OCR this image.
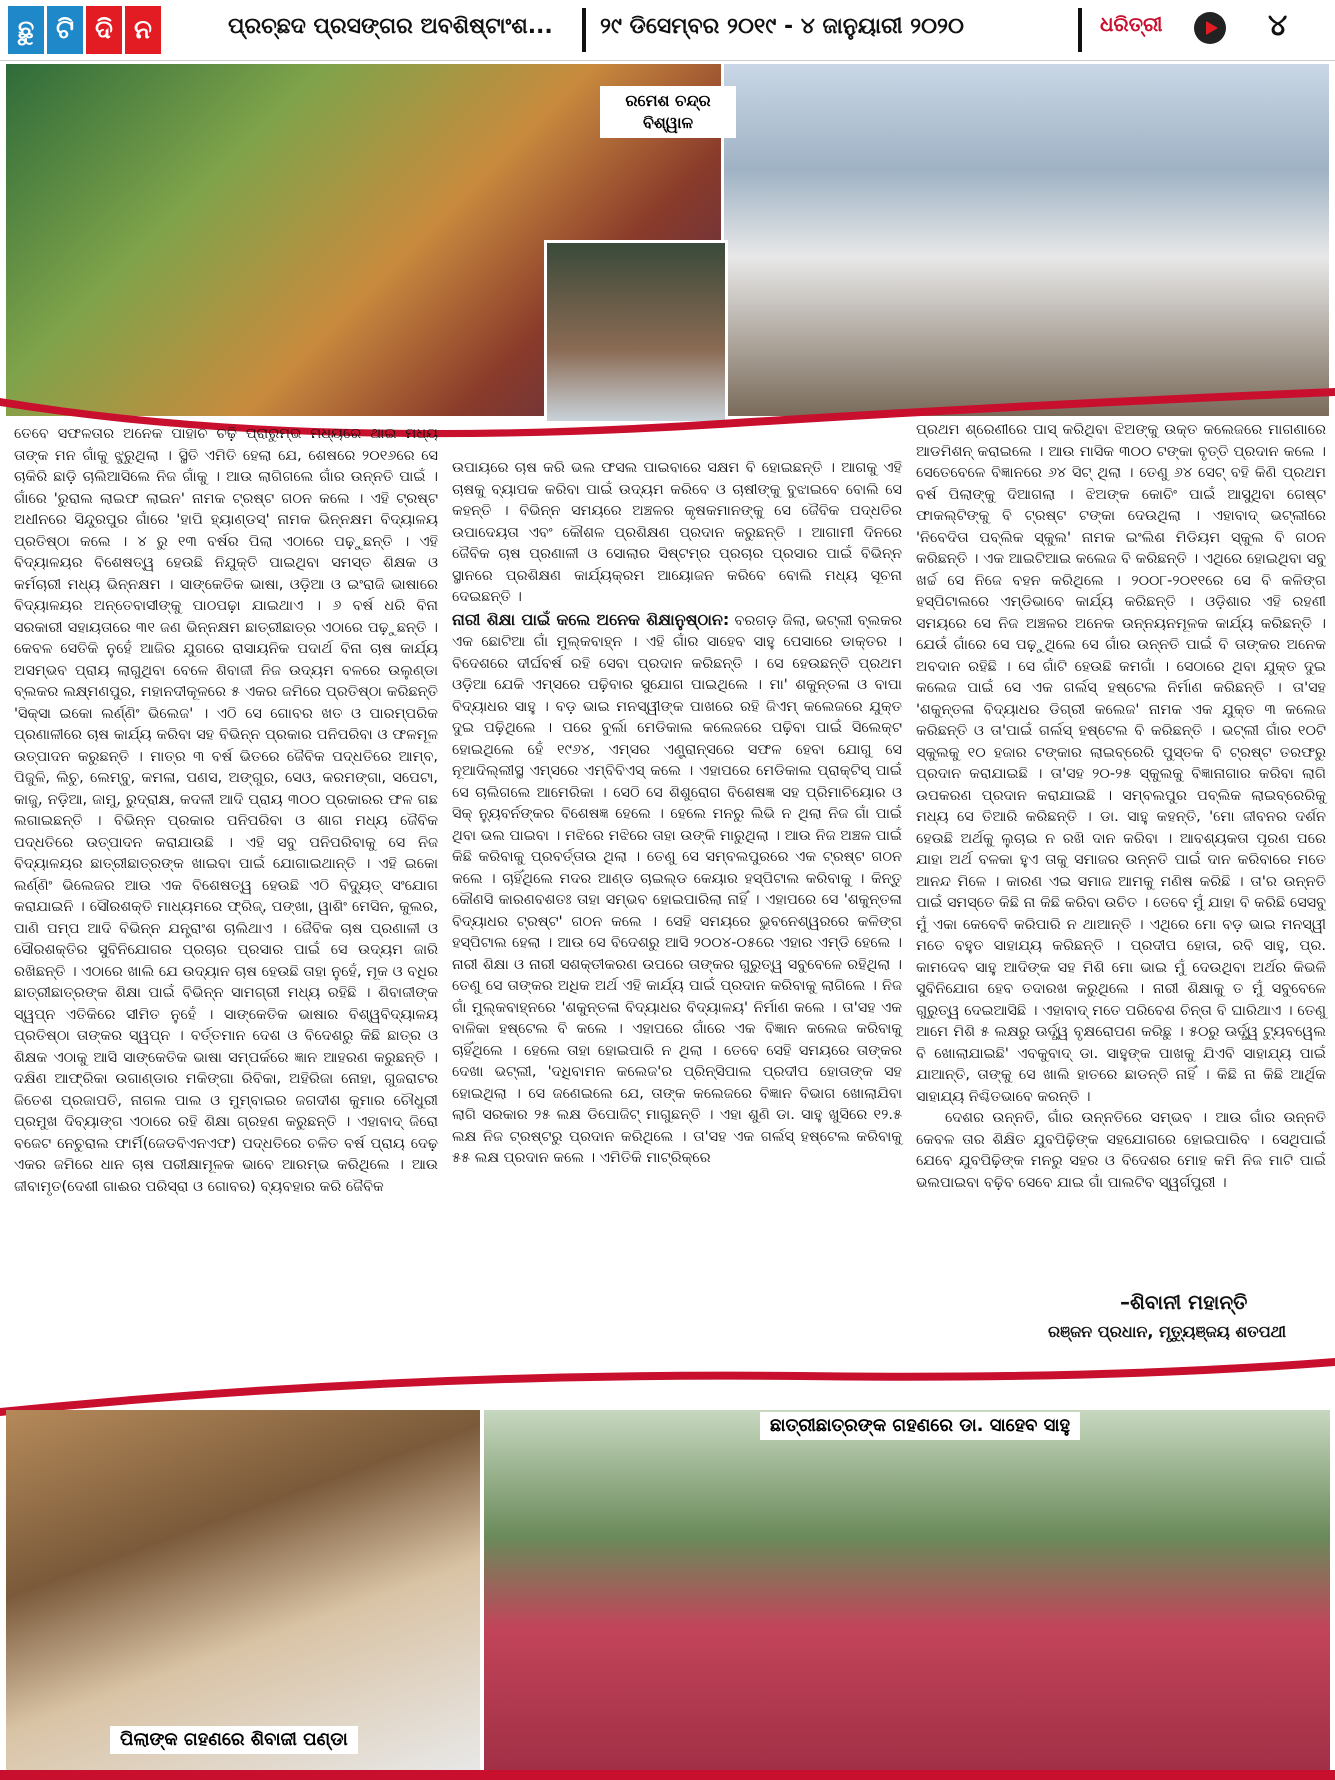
ଛୁ ଟି ଦି ନ	ପ୍ରଚ୍ଛଦ ପ୍ରସଙ୍ଗର ଅବଶିଷ୍ଟାଂଶ... ୨୯ ଡିସେମ୍ବର ୨୦୧୯ - ୪ ଜାନୁୟାରୀ ୨୦୨୦	ଧରିତ୍ରୀ	୪
ରମେଶ ଚନ୍ଦ୍ର ବିଶ୍ୱାଳ

ତେବେ ସଫଳତାର ଅନେକ ପାହାଚ ଚଢ଼ି ପ୍ରାରୁମ୍ଭ ମଧ୍ୟରେ ଥାଇ ମଧ୍ୟ ତାଙ୍କ ମନ ଗାଁକୁ ଝୁରୁଥିଲା । ସ୍ଥିତି ଏମିତି ହେଲା ଯେ, ଶେଷରେ ୨୦୧୬ରେ ସେ ଚାକିରି ଛାଡ଼ି ଚାଲିଆସିଲେ ନିଜ ଗାଁକୁ । ଆଉ ଲାଗିଗଲେ ଗାଁର ଉନ୍ନତି ପାଇଁ । ଗାଁରେ 'ରୁରାଲ ଲାଇଫ ଲାଇନ' ନାମକ ଟ୍ରଷ୍ଟ ଗଠନ କଲେ । ଏହି ଟ୍ରଷ୍ଟ ଅଧୀନରେ ସିନ୍ଦୁରପୁର ଗାଁରେ 'ହାପି ହ୍ୟାଣ୍ଡସ୍' ନାମକ ଭିନ୍ନକ୍ଷମ ବିଦ୍ୟାଳୟ ପ୍ରତିଷ୍ଠା କଲେ । ୪ ରୁ ୧୩ ବର୍ଷର ପିଲା ଏଠାରେ ପଢ଼ୁଛନ୍ତି । ଏହି ବିଦ୍ୟାଳୟର ବିଶେଷତ୍ୱ ହେଉଛି ନିଯୁକ୍ତି ପାଇଥିବା ସମସ୍ତ ଶିକ୍ଷକ ଓ କର୍ମଚାରୀ ମଧ୍ୟ ଭିନ୍ନକ୍ଷମ । ସାଙ୍କେତିକ ଭାଷା, ଓଡ଼ିଆ ଓ ଇଂରାଜି ଭାଷାରେ ବିଦ୍ୟାଳୟର ଅନ୍ତେବାସୀଙ୍କୁ ପାଠପଢ଼ା ଯାଇଥାଏ । ୬ ବର୍ଷ ଧରି ବିନା ସରକାରୀ ସହାୟତାରେ ୩୧ ଜଣ ଭିନ୍ନକ୍ଷମ ଛାତ୍ରୀଛାତ୍ର ଏଠାରେ ପଢ଼ୁଛନ୍ତି । କେବଳ ସେତିକି ନୁହେଁ ଆଜିର ଯୁଗରେ ରାସାୟନିକ ପଦାର୍ଥ ବିନା ଚାଷ କାର୍ଯ୍ୟ ଅସମ୍ଭବ ପ୍ରାୟ ଲାଗୁଥିବା ବେଳେ ଶିବାଜୀ ନିଜ ଉଦ୍ୟମ ବଳରେ ଉଲୁଣ୍ଡା ବ୍ଲକର ଲକ୍ଷ୍ମଣପୁର, ମହାନଦୀକୂଳରେ ୫ ଏକର ଜମିରେ ପ୍ରତିଷ୍ଠା କରିଛନ୍ତି 'ସିକ୍ସା ଇକୋ ଲର୍ଣ୍ଣିଂ ଭିଲେଜ' । ଏଠି ସେ ଗୋବର ଖତ ଓ ପାରମ୍ପରିକ ପ୍ରଣାଳୀରେ ଚାଷ କାର୍ଯ୍ୟ କରିବା ସହ ବିଭିନ୍ନ ପ୍ରକାର ପନିପରିବା ଓ ଫଳମୂଳ ଉତ୍ପାଦନ କରୁଛନ୍ତି । ମାତ୍ର ୩ ବର୍ଷ ଭିତରେ ଜୈବିକ ପଦ୍ଧତିରେ ଆମ୍ବ, ପିଜୁଳି, ଲିଚୁ, ଲେମ୍ବୁ, କମଳା, ପଣସ, ଅଙ୍ଗୁର, ସେଓ, କରମଙ୍ଗା, ସପେଟା, କାଜୁ, ନଡ଼ିଆ, ଜାମୁ, ରୁଦ୍ରାକ୍ଷ, କଦଳୀ ଆଦି ପ୍ରାୟ ୩୦୦ ପ୍ରକାରର ଫଳ ଗଛ ଲଗାଇଛନ୍ତି । ବିଭିନ୍ନ ପ୍ରକାର ପନିପରିବା ଓ ଶାଗ ମଧ୍ୟ ଜୈବିକ ପଦ୍ଧତିରେ ଉତ୍ପାଦନ କରାଯାଉଛି । ଏହି ସବୁ ପନିପରିବାକୁ ସେ ନିଜ ବିଦ୍ୟାଳୟର ଛାତ୍ରୀଛାତ୍ରଙ୍କ ଖାଇବା ପାଇଁ ଯୋଗାଇଥାନ୍ତି । ଏହି ଇକୋ ଲର୍ଣ୍ଣିଂ ଭିଲେଜର ଆଉ ଏକ ବିଶେଷତ୍ୱ ହେଉଛି ଏଠି ବିଦ୍ୟୁତ୍ ସଂଯୋଗ କରାଯାଇନି । ସୌରଶକ୍ତି ମାଧ୍ୟମରେ ଫ୍ରିଜ୍, ପଙ୍ଖା, ୱାଶିଂ ମେସିନ, କୁଲର, ପାଣି ପମ୍ପ ଆଦି ବିଭିନ୍ନ ଯନ୍ତ୍ରାଂଶ ଚାଲିଥାଏ । ଜୈବିକ ଚାଷ ପ୍ରଣାଳୀ ଓ ସୌରଶକ୍ତିର ସୁବିନିଯୋଗର ପ୍ରଚାର ପ୍ରସାର ପାଇଁ ସେ ଉଦ୍ୟମ ଜାରି ରଖିଛନ୍ତି । ଏଠାରେ ଖାଲି ଯେ ଉଦ୍ୟାନ ଚାଷ ହେଉଛି ତାହା ନୁହେଁ, ମୂକ ଓ ବଧିର ଛାତ୍ରୀଛାତ୍ରଙ୍କ ଶିକ୍ଷା ପାଇଁ ବିଭିନ୍ନ ସାମଗ୍ରୀ ମଧ୍ୟ ରହିଛି । ଶିବାଜୀଙ୍କ ସ୍ୱପ୍ନ ଏତିକିରେ ସୀମିତ ନୁହେଁ । ସାଙ୍କେତିକ ଭାଷାର ବିଶ୍ୱବିଦ୍ୟାଳୟ ପ୍ରତିଷ୍ଠା ତାଙ୍କର ସ୍ୱପ୍ନ । ବର୍ତ୍ତମାନ ଦେଶ ଓ ବିଦେଶରୁ କିଛି ଛାତ୍ର ଓ ଶିକ୍ଷକ ଏଠାକୁ ଆସି ସାଙ୍କେତିକ ଭାଷା ସମ୍ପର୍କରେ ଜ୍ଞାନ ଆହରଣ କରୁଛନ୍ତି । ଦକ୍ଷିଣ ଆଫ୍ରିକା ଉଗାଣ୍ଡାର ମକିଙ୍ଗା ରିବିକା, ଅହିରିଜା ନୋହା, ଗୁଜରାଟର ଜିତେଶ ପ୍ରଜାପତି, ନାଗଲ ପାଲ ଓ ମୁମ୍ବାଇର ଜଗଦୀଶ କୁମାର ଚୌଧୁରୀ ପ୍ରମୁଖ ଦିବ୍ୟାଙ୍ଗ ଏଠାରେ ରହି ଶିକ୍ଷା ଗ୍ରହଣ କରୁଛନ୍ତି । ଏହାବାଦ୍ ଜିରୋ ବଜେଟ ନେଚୁରାଲ ଫାର୍ମି(ଜେଡବିଏନଏଫ) ପଦ୍ଧତିରେ ଚଳିତ ବର୍ଷ ପ୍ରାୟ ଦେଢ଼ ଏକର ଜମିରେ ଧାନ ଚାଷ ପରୀକ୍ଷାମୂଳକ ଭାବେ ଆରମ୍ଭ କରିଥିଲେ । ଆଉ ଜୀବାମୃତ(ଦେଶୀ ଗାଈର ପରିସ୍ରା ଓ ଗୋବର) ବ୍ୟବହାର କରି ଜୈବିକ

ଉପାୟରେ ଚାଷ କରି ଭଲ ଫସଲ ପାଇବାରେ ସକ୍ଷମ ବି ହୋଇଛନ୍ତି । ଆଗକୁ ଏହି ଚାଷକୁ ବ୍ୟାପକ କରିବା ପାଇଁ ଉଦ୍ୟମ କରିବେ ଓ ଚାଷୀଙ୍କୁ ବୁଝାଇବେ ବୋଲି ସେ କହନ୍ତି । ବିଭିନ୍ନ ସମୟରେ ଅଞ୍ଚଳର କୃଷକମାନଙ୍କୁ ସେ ଜୈବିକ ପଦ୍ଧତିର ଉପାଦେୟତା ଏବଂ କୌଶଳ ପ୍ରଶିକ୍ଷଣ ପ୍ରଦାନ କରୁଛନ୍ତି । ଆଗାମୀ ଦିନରେ ଜୈବିକ ଚାଷ ପ୍ରଣାଳୀ ଓ ସୋଲାର ସିଷ୍ଟମ୍ର ପ୍ରଚାର ପ୍ରସାର ପାଇଁ ବିଭିନ୍ନ ସ୍ଥାନରେ ପ୍ରଶିକ୍ଷଣ କାର୍ଯ୍ୟକ୍ରମ ଆୟୋଜନ କରିବେ ବୋଲି ମଧ୍ୟ ସୂଚନା ଦେଇଛନ୍ତି ।

ନାରୀ ଶିକ୍ଷା ପାଇଁ କଲେ ଅନେକ ଶିକ୍ଷାନୁଷ୍ଠାନ: ବରଗଡ଼ ଜିଲା, ଭଟ୍ଲୀ ବ୍ଲକର ଏକ ଛୋଟିଆ ଗାଁ ମୁଲ୍କବାହ୍ନ । ଏହି ଗାଁର ସାହେବ ସାହୁ ପେସାରେ ଡାକ୍ତର । ବିଦେଶରେ ଦୀର୍ଘବର୍ଷ ରହି ସେବା ପ୍ରଦାନ କରିଛନ୍ତି । ସେ ହେଉଛନ୍ତି ପ୍ରଥମ ଓଡ଼ିଆ ଯେକି ଏମ୍ସରେ ପଢ଼ିବାର ସୁଯୋଗ ପାଇଥିଲେ । ମା' ଶକୁନ୍ତଳା ଓ ବାପା ବିଦ୍ୟାଧର ସାହୁ । ବଡ଼ ଭାଇ ମନସ୍ୱୀଙ୍କ ପାଖରେ ରହି ଜିଏମ୍ କଲେଜରେ ଯୁକ୍ତ ଦୁଇ ପଢ଼ିଥିଲେ । ପରେ ବୁର୍ଲା ମେଡିକାଲ କଲେଜରେ ପଢ଼ିବା ପାଇଁ ସିଲେକ୍ଟ ହୋଇଥିଲେ ହେଁ ୧୯୬୪, ଏମ୍ସର ଏଣ୍ଟ୍ରାନ୍ସରେ ସଫଳ ହେବା ଯୋଗୁ ସେ ନୂଆଦିଲ୍ଲୀସ୍ଥ ଏମ୍ସରେ ଏମ୍ବିବିଏସ୍ କଲେ । ଏହାପରେ ମେଡିକାଲ ପ୍ରାକ୍ଟିସ୍ ପାଇଁ ସେ ଚାଲିଗଲେ ଆମେରିକା । ସେଠି ସେ ଶିଶୁରୋଗ ବିଶେଷଜ୍ଞ ସହ ପ୍ରିମାଚିୟୋର ଓ ସିକ୍ ନ୍ୟୁବର୍ନଙ୍କର ବିଶେଷଜ୍ଞ ହେଲେ । ହେଲେ ମନରୁ ଲିଭି ନ ଥିଲା ନିଜ ଗାଁ ପାଇଁ ଥିବା ଭଲ ପାଇବା । ମଝିରେ ମଝିରେ ତାହା ଉଙ୍କି ମାରୁଥିଲା । ଆଉ ନିଜ ଅଞ୍ଚଳ ପାଇଁ କିଛି କରିବାକୁ ପ୍ରବର୍ତ୍ତାଉ ଥିଲା । ତେଣୁ ସେ ସମ୍ବଲପୁରରେ ଏକ ଟ୍ରଷ୍ଟ ଗଠନ କଲେ । ଚାହିଁଥିଲେ ମଦର ଆଣ୍ଡ ଚାଇଲ୍ଡ କେୟାର ହସ୍ପିଟାଲ କରିବାକୁ । କିନ୍ତୁ କୌଣସି କାରଣବଶତଃ ତାହା ସମ୍ଭବ ହୋଇପାରିଲା ନାହିଁ । ଏହାପରେ ସେ 'ଶକୁନ୍ତଳା ବିଦ୍ୟାଧର ଟ୍ରଷ୍ଟ' ଗଠନ କଲେ । ସେହି ସମୟରେ ଭୁବନେଶ୍ୱରରେ କଳିଙ୍ଗ ହସ୍ପିଟାଲ ହେଲା । ଆଉ ସେ ବିଦେଶରୁ ଆସି ୨୦୦୪-୦୫ରେ ଏହାର ଏମ୍ଡି ହେଲେ । ନାରୀ ଶିକ୍ଷା ଓ ନାରୀ ସଶକ୍ତୀକରଣ ଉପରେ ତାଙ୍କର ଗୁରୁତ୍ୱ ସବୁବେଳେ ରହିଥିଲା । ତେଣୁ ସେ ତାଙ୍କର ଅଧିକ ଅର୍ଥ ଏହି କାର୍ଯ୍ୟ ପାଇଁ ପ୍ରଦାନ କରିବାକୁ ଲାଗିଲେ । ନିଜ ଗାଁ ମୁଲ୍କବାହ୍ନରେ 'ଶକୁନ୍ତଳା ବିଦ୍ୟାଧର ବିଦ୍ୟାଳୟ' ନିର୍ମାଣ କଲେ । ତା'ସହ ଏକ ବାଳିକା ହଷ୍ଟେଲ ବି କଲେ । ଏହାପରେ ଗାଁରେ ଏକ ବିଜ୍ଞାନ କଲେଜ କରିବାକୁ ଚାହିଁଥିଲେ । ହେଲେ ତାହା ହୋଇପାରି ନ ଥିଲା । ତେବେ ସେହି ସମୟରେ ତାଙ୍କର ଦେଖା ଭଟ୍ଲୀ, 'ଦଧିବାମନ କଲେଜ'ର ପ୍ରିନ୍ସିପାଲ ପ୍ରଦୀପ ହୋତାଙ୍କ ସହ ହୋଇଥିଲା । ସେ ଜଣେଇଲେ ଯେ, ତାଙ୍କ କଲେଜରେ ବିଜ୍ଞାନ ବିଭାଗ ଖୋଲାଯିବା ଲାଗି ସରକାର ୨୫ ଲକ୍ଷ ଡିପୋଜିଟ୍ ମାଗୁଛନ୍ତି । ଏହା ଶୁଣି ଡା. ସାହୁ ଖୁସିରେ ୧୨.୫ ଲକ୍ଷ ନିଜ ଟ୍ରଷ୍ଟରୁ ପ୍ରଦାନ କରିଥିଲେ । ତା'ସହ ଏକ ଗର୍ଲସ୍ ହଷ୍ଟେଲ କରିବାକୁ ୫୫ ଲକ୍ଷ ପ୍ରଦାନ କଲେ । ଏମିତିକି ମାଟ୍ରିକ୍ରେ

ପ୍ରଥମ ଶ୍ରେଣୀରେ ପାସ୍ କରିଥିବା ଝିଅଙ୍କୁ ଉକ୍ତ କଲେଜରେ ମାଗଣାରେ ଆଡମିଶନ୍ କରାଇଲେ । ଆଉ ମାସିକ ୩୦୦ ଟଙ୍କା ବୃତ୍ତି ପ୍ରଦାନ କଲେ । ସେତେବେଳେ ବିଜ୍ଞାନରେ ୬୪ ସିଟ୍ ଥିଲା । ତେଣୁ ୬୪ ସେଟ୍ ବହି କିଣି ପ୍ରଥମ ବର୍ଷ ପିଲାଙ୍କୁ ଦିଆଗଲା । ଝିଅଙ୍କ କୋଚିଂ ପାଇଁ ଆସୁଥିବା ଗେଷ୍ଟ ଫାକଲ୍ଟିଙ୍କୁ ବି ଟ୍ରଷ୍ଟ ଟଙ୍କା ଦେଉଥିଲା । ଏହାବାଦ୍ ଭଟ୍ଲୀରେ 'ନିବେଦିତା ପବ୍ଲିକ ସ୍କୁଲ' ନାମକ ଇଂଲିଶ ମିଡିୟମ ସ୍କୁଲ ବି ଗଠନ କରିଛନ୍ତି । ଏକ ଆଇଟିଆଇ କଲେଜ ବି କରିଛନ୍ତି । ଏଥିରେ ହୋଇଥିବା ସବୁ ଖର୍ଚ୍ଚ ସେ ନିଜେ ବହନ କରିଥିଲେ । ୨୦୦୮-୨୦୧୧ରେ ସେ ବି କଳିଙ୍ଗ ହସ୍ପିଟାଲରେ ଏମ୍ଡିଭାବେ କାର୍ଯ୍ୟ କରିଛନ୍ତି । ଓଡ଼ିଶାର ଏହି ରହଣୀ ସମୟରେ ସେ ନିଜ ଅଞ୍ଚଳର ଅନେକ ଉନ୍ନୟନମୂଳକ କାର୍ଯ୍ୟ କରିଛନ୍ତି । ଯେଉଁ ଗାଁରେ ସେ ପଢ଼ୁଥିଲେ ସେ ଗାଁର ଉନ୍ନତି ପାଇଁ ବି ତାଙ୍କର ଅନେକ ଅବଦାନ ରହିଛି । ସେ ଗାଁଟି ହେଉଛି କମଗାଁ । ସେଠାରେ ଥିବା ଯୁକ୍ତ ଦୁଇ କଲେଜ ପାଇଁ ସେ ଏକ ଗର୍ଲସ୍ ହଷ୍ଟେଲ ନିର୍ମାଣ କରିଛନ୍ତି । ତା'ସହ 'ଶକୁନ୍ତଳା ବିଦ୍ୟାଧର ଡିଗ୍ରୀ କଲେଜ' ନାମକ ଏକ ଯୁକ୍ତ ୩ କଲେଜ କରିଛନ୍ତି ଓ ତା'ପାଇଁ ଗର୍ଲସ୍ ହଷ୍ଟେଲ ବି କରିଛନ୍ତି । ଭଟ୍ଲୀ ଗାଁର ୧୦ଟି ସ୍କୁଲକୁ ୧୦ ହଜାର ଟଙ୍କାର ଲାଇବ୍ରେରି ପୁସ୍ତକ ବି ଟ୍ରଷ୍ଟ ତରଫରୁ ପ୍ରଦାନ କରାଯାଇଛି । ତା'ସହ ୨୦-୨୫ ସ୍କୁଲକୁ ବିଜ୍ଞାନାଗାର କରିବା ଲାଗି ଉପକରଣ ପ୍ରଦାନ କରାଯାଇଛି । ସମ୍ବଲପୁର ପବ୍ଲିକ ଲାଇବ୍ରେରିକୁ ମଧ୍ୟ ସେ ତିଆରି କରିଛନ୍ତି । ଡା. ସାହୁ କହନ୍ତି, 'ମୋ ଜୀବନର ଦର୍ଶନ ହେଉଛି ଅର୍ଥକୁ ଲୁଚାଇ ନ ରଖି ଦାନ କରିବା । ଆବଶ୍ୟକତା ପୂରଣ ପରେ ଯାହା ଅର୍ଥ ବଳକା ହୁଏ ତାକୁ ସମାଜର ଉନ୍ନତି ପାଇଁ ଦାନ କରିବାରେ ମତେ ଆନନ୍ଦ ମିଳେ । କାରଣ ଏଇ ସମାଜ ଆମକୁ ମଣିଷ କରିଛି । ତା'ର ଉନ୍ନତି ପାଇଁ ସମସ୍ତେ କିଛି ନା କିଛି କରିବା ଉଚିତ । ତେବେ ମୁଁ ଯାହା ବି କରିଛି ସେସବୁ ମୁଁ ଏକା କେବେବି କରିପାରି ନ ଥାଆନ୍ତି । ଏଥିରେ ମୋ ବଡ଼ ଭାଇ ମନସ୍ୱୀ ମତେ ବହୁତ ସାହାଯ୍ୟ କରିଛନ୍ତି । ପ୍ରଦୀପ ହୋତା, ରବି ସାହୁ, ପ୍ର. କାମଦେବ ସାହୁ ଆଦିଙ୍କ ସହ ମିଶି ମୋ ଭାଇ ମୁଁ ଦେଉଥିବା ଅର୍ଥର କିଭଳି ସୁବିନିଯୋଗ ହେବ ତଦାରଖ କରୁଥିଲେ । ନାରୀ ଶିକ୍ଷାକୁ ତ ମୁଁ ସବୁବେଳେ ଗୁରୁତ୍ୱ ଦେଇଆସିଛି । ଏହାବାଦ୍ ମତେ ପରିବେଶ ଚିନ୍ତା ବି ଘାରିଥାଏ । ତେଣୁ ଆମେ ମିଶି ୫ ଲକ୍ଷରୁ ଊର୍ଦ୍ଧ୍ୱ ବୃକ୍ଷରୋପଣ କରିଛୁ । ୫୦ରୁ ଊର୍ଦ୍ଧ୍ୱ ଟ୍ୟୁବୱେଲ ବି ଖୋଲାଯାଇଛି' ଏବକୁବାଦ୍ ଡା. ସାହୁଙ୍କ ପାଖକୁ ଯିଏବି ସାହାଯ୍ୟ ପାଇଁ ଯାଆନ୍ତି, ତାଙ୍କୁ ସେ ଖାଲି ହାତରେ ଛାଡନ୍ତି ନାହିଁ । କିଛି ନା କିଛି ଆର୍ଥିକ ସାହାଯ୍ୟ ନିଶ୍ଚିତଭାବେ କରନ୍ତି ।

ଦେଶର ଉନ୍ନତି, ଗାଁର ଉନ୍ନତିରେ ସମ୍ଭବ । ଆଉ ଗାଁର ଉନ୍ନତି କେବଳ ତାର ଶିକ୍ଷିତ ଯୁବପିଢ଼ିଙ୍କ ସହଯୋଗରେ ହୋଇପାରିବ । ସେଥିପାଇଁ ଯେବେ ଯୁବପିଢ଼ିଙ୍କ ମନରୁ ସହର ଓ ବିଦେଶର ମୋହ କମି ନିଜ ମାଟି ପାଇଁ ଭଲପାଇବା ବଢ଼ିବ ସେବେ ଯାଇ ଗାଁ ପାଲଟିବ ସ୍ୱର୍ଗପୁରୀ ।

–ଶିବାନୀ ମହାନ୍ତି
ରଞ୍ଜନ ପ୍ରଧାନ, ମୃତ୍ୟୁଞ୍ଜୟ ଶତପଥୀ
ଛାତ୍ରୀଛାତ୍ରଙ୍କ ଗହଣରେ ଡା. ସାହେବ ସାହୁ
ପିଲାଙ୍କ ଗହଣରେ ଶିବାଜୀ ପଣ୍ଡା
